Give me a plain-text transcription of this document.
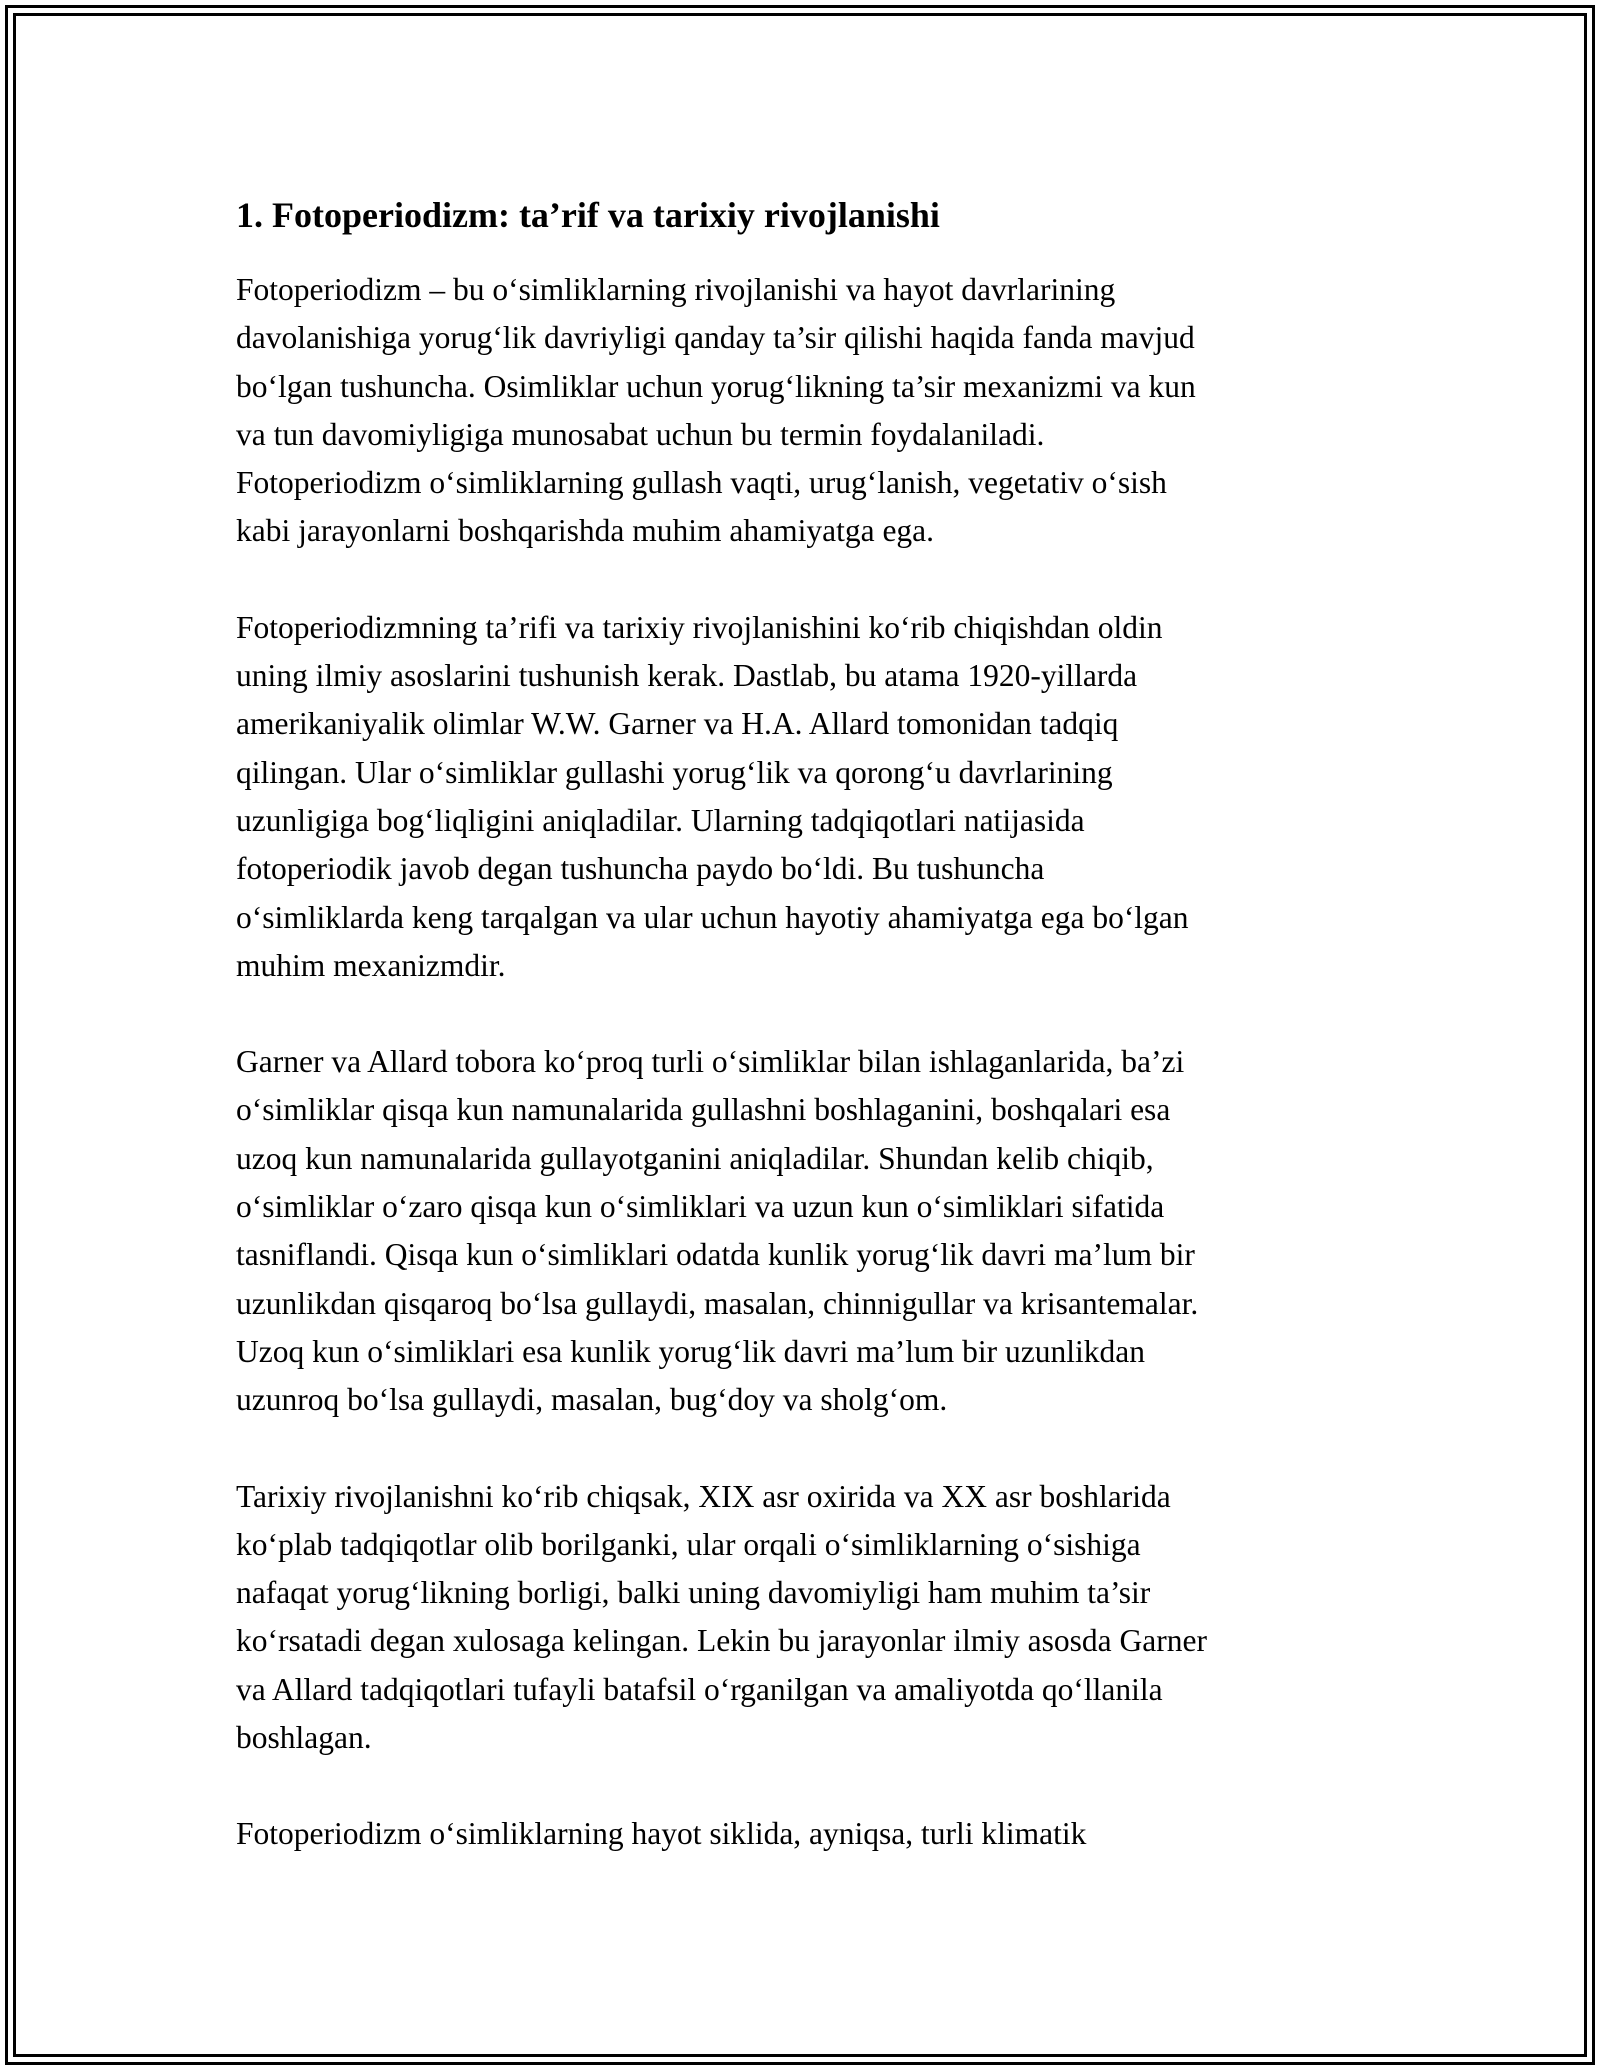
1. Fotoperiodizm: ta’rif va tarixiy rivojlanishi
Fotoperiodizm – bu o‘simliklarning rivojlanishi va hayot davrlarining
davolanishiga yorug‘lik davriyligi qanday ta’sir qilishi haqida fanda mavjud
bo‘lgan tushuncha. Osimliklar uchun yorug‘likning ta’sir mexanizmi va kun
va tun davomiyligiga munosabat uchun bu termin foydalaniladi.
Fotoperiodizm o‘simliklarning gullash vaqti, urug‘lanish, vegetativ o‘sish
kabi jarayonlarni boshqarishda muhim ahamiyatga ega.
Fotoperiodizmning ta’rifi va tarixiy rivojlanishini ko‘rib chiqishdan oldin
uning ilmiy asoslarini tushunish kerak. Dastlab, bu atama 1920-yillarda
amerikaniyalik olimlar W.W. Garner va H.A. Allard tomonidan tadqiq
qilingan. Ular o‘simliklar gullashi yorug‘lik va qorong‘u davrlarining
uzunligiga bog‘liqligini aniqladilar. Ularning tadqiqotlari natijasida
fotoperiodik javob degan tushuncha paydo bo‘ldi. Bu tushuncha
o‘simliklarda keng tarqalgan va ular uchun hayotiy ahamiyatga ega bo‘lgan
muhim mexanizmdir.
Garner va Allard tobora ko‘proq turli o‘simliklar bilan ishlaganlarida, ba’zi
o‘simliklar qisqa kun namunalarida gullashni boshlaganini, boshqalari esa
uzoq kun namunalarida gullayotganini aniqladilar. Shundan kelib chiqib,
o‘simliklar o‘zaro qisqa kun o‘simliklari va uzun kun o‘simliklari sifatida
tasniflandi. Qisqa kun o‘simliklari odatda kunlik yorug‘lik davri ma’lum bir
uzunlikdan qisqaroq bo‘lsa gullaydi, masalan, chinnigullar va krisantemalar.
Uzoq kun o‘simliklari esa kunlik yorug‘lik davri ma’lum bir uzunlikdan
uzunroq bo‘lsa gullaydi, masalan, bug‘doy va sholg‘om.
Tarixiy rivojlanishni ko‘rib chiqsak, XIX asr oxirida va XX asr boshlarida
ko‘plab tadqiqotlar olib borilganki, ular orqali o‘simliklarning o‘sishiga
nafaqat yorug‘likning borligi, balki uning davomiyligi ham muhim ta’sir
ko‘rsatadi degan xulosaga kelingan. Lekin bu jarayonlar ilmiy asosda Garner
va Allard tadqiqotlari tufayli batafsil o‘rganilgan va amaliyotda qo‘llanila
boshlagan.
Fotoperiodizm o‘simliklarning hayot siklida, ayniqsa, turli klimatik
